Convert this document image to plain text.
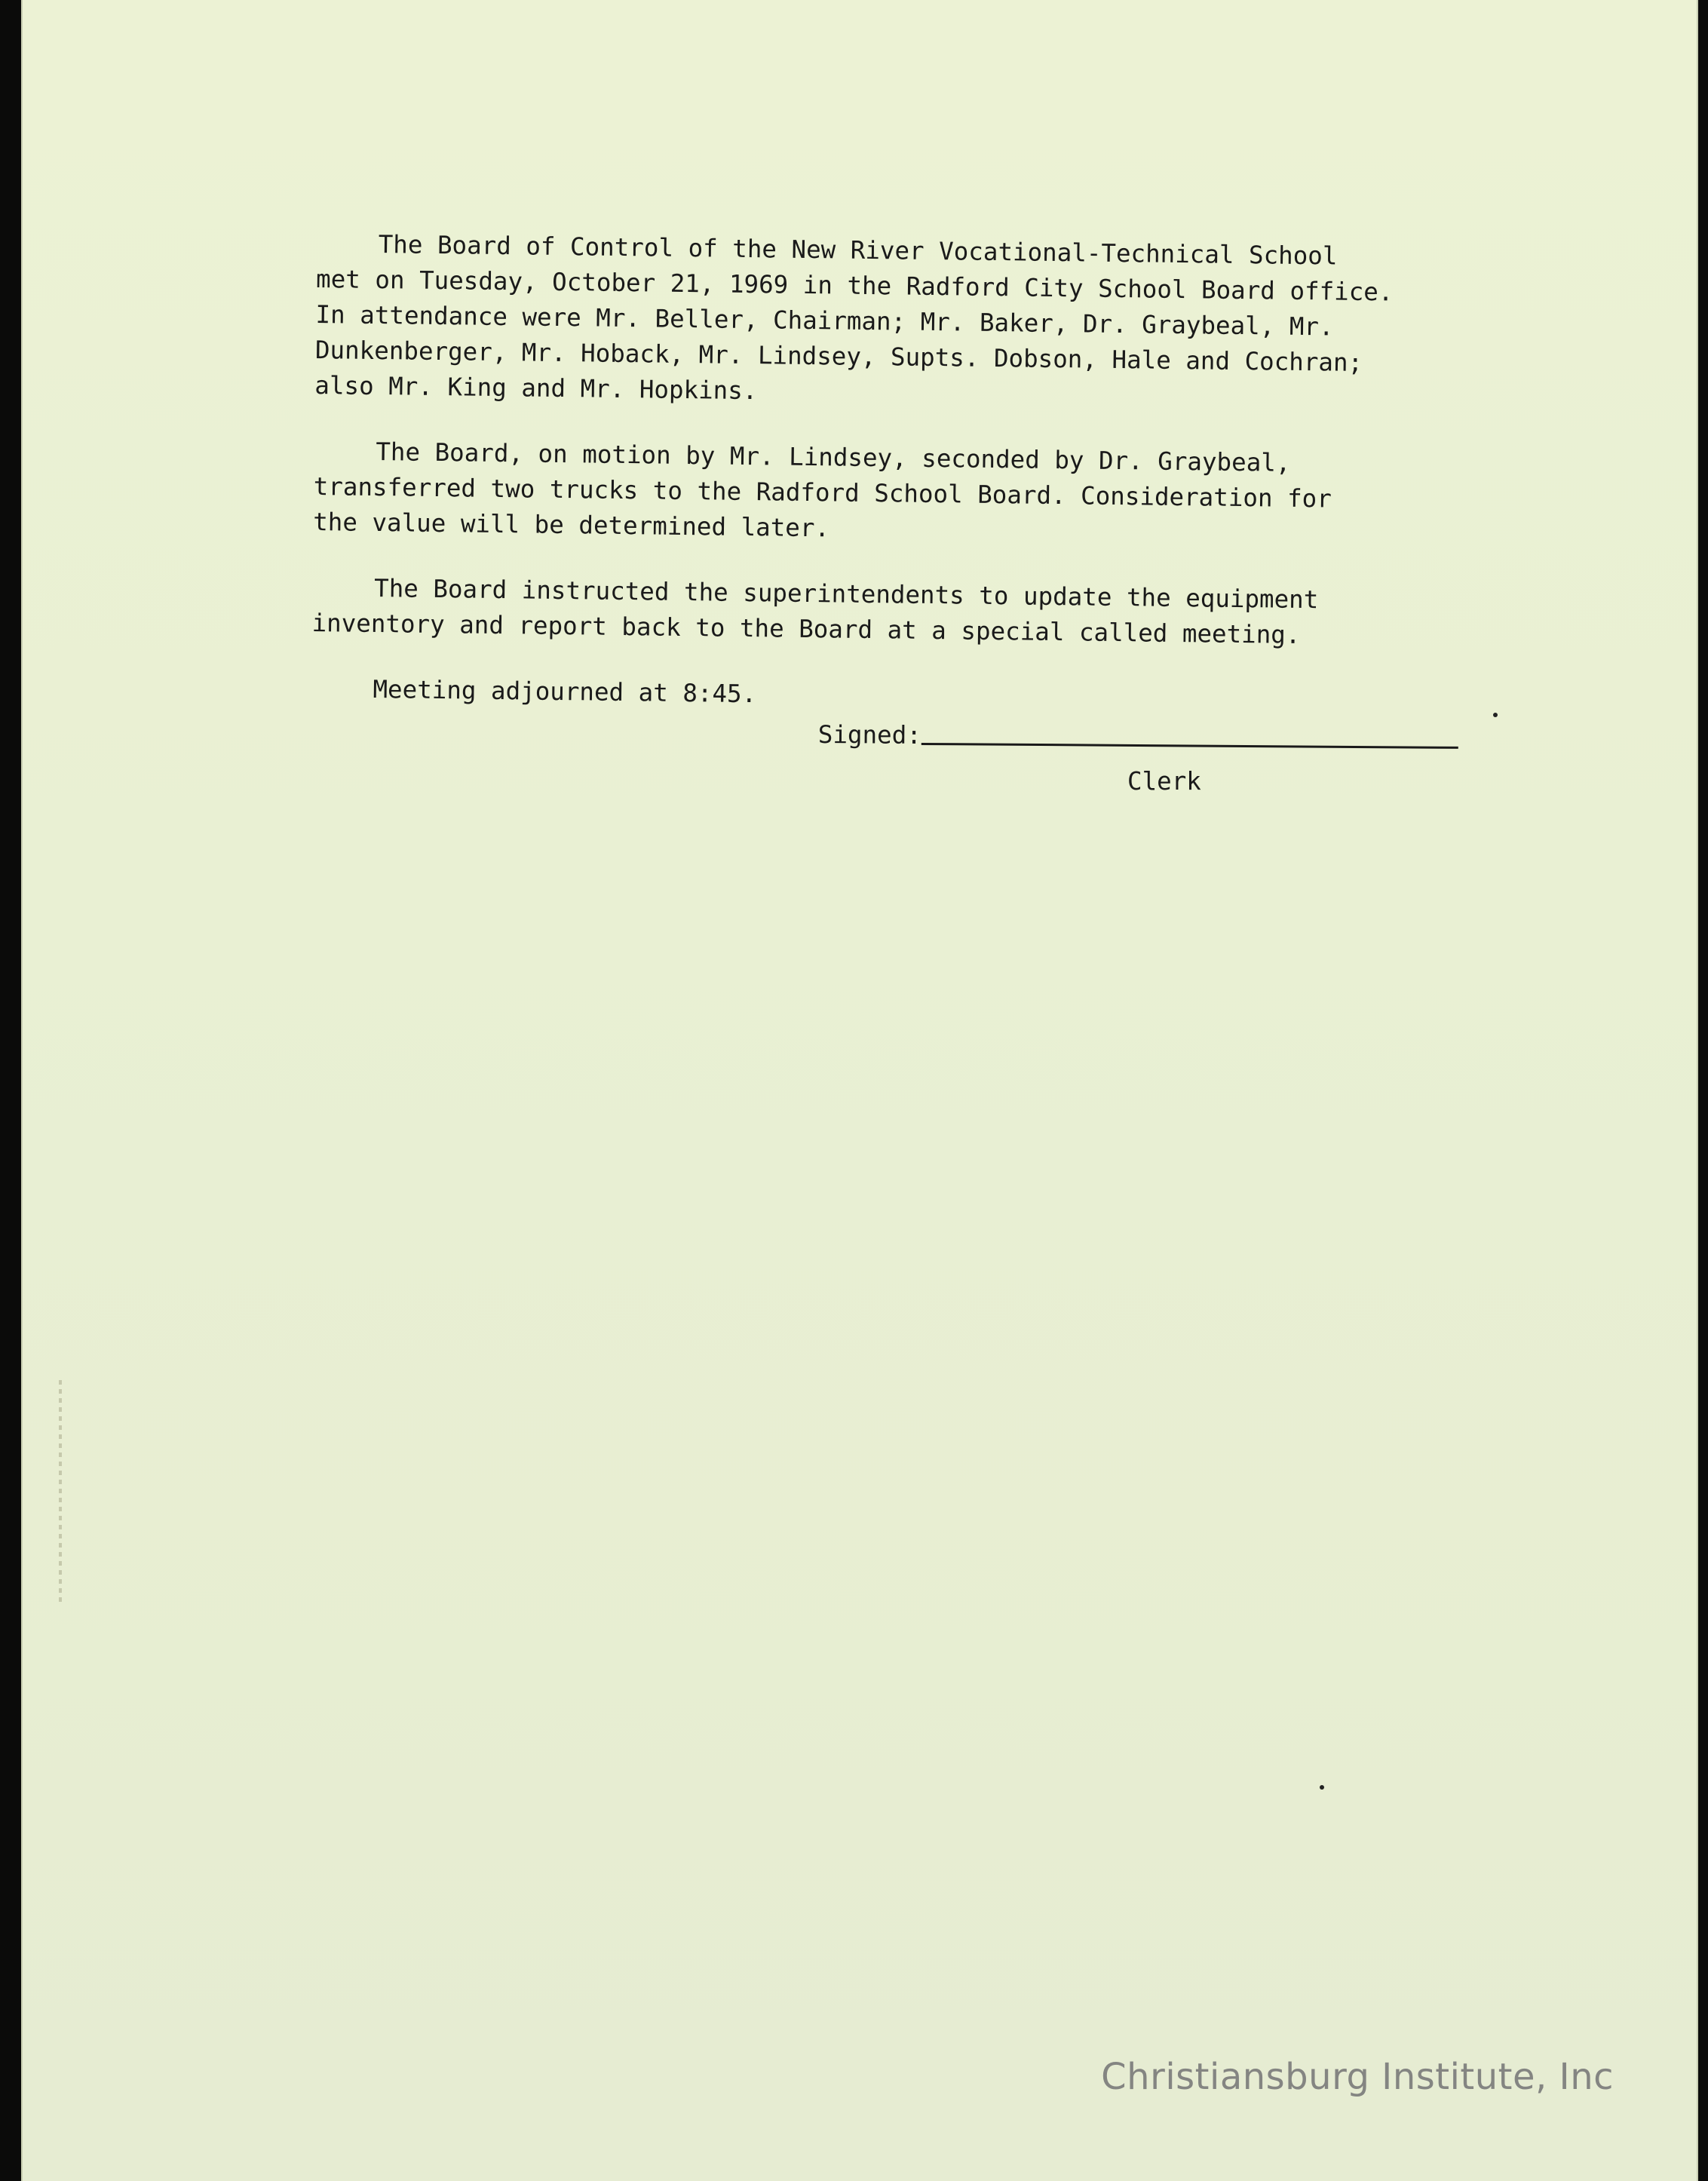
The Board of Control of the New River Vocational-Technical School
met on Tuesday, October 21, 1969 in the Radford City School Board office.
In attendance were Mr. Beller, Chairman; Mr. Baker, Dr. Graybeal, Mr.
Dunkenberger, Mr. Hoback, Mr. Lindsey, Supts. Dobson, Hale and Cochran;
also Mr. King and Mr. Hopkins.

The Board, on motion by Mr. Lindsey, seconded by Dr. Graybeal,
transferred two trucks to the Radford School Board. Consideration for
the value will be determined later.

The Board instructed the superintendents to update the equipment
inventory and report back to the Board at a special called meeting.

Meeting adjourned at 8:45.

Signed:
Clerk
Christiansburg Institute, Inc
